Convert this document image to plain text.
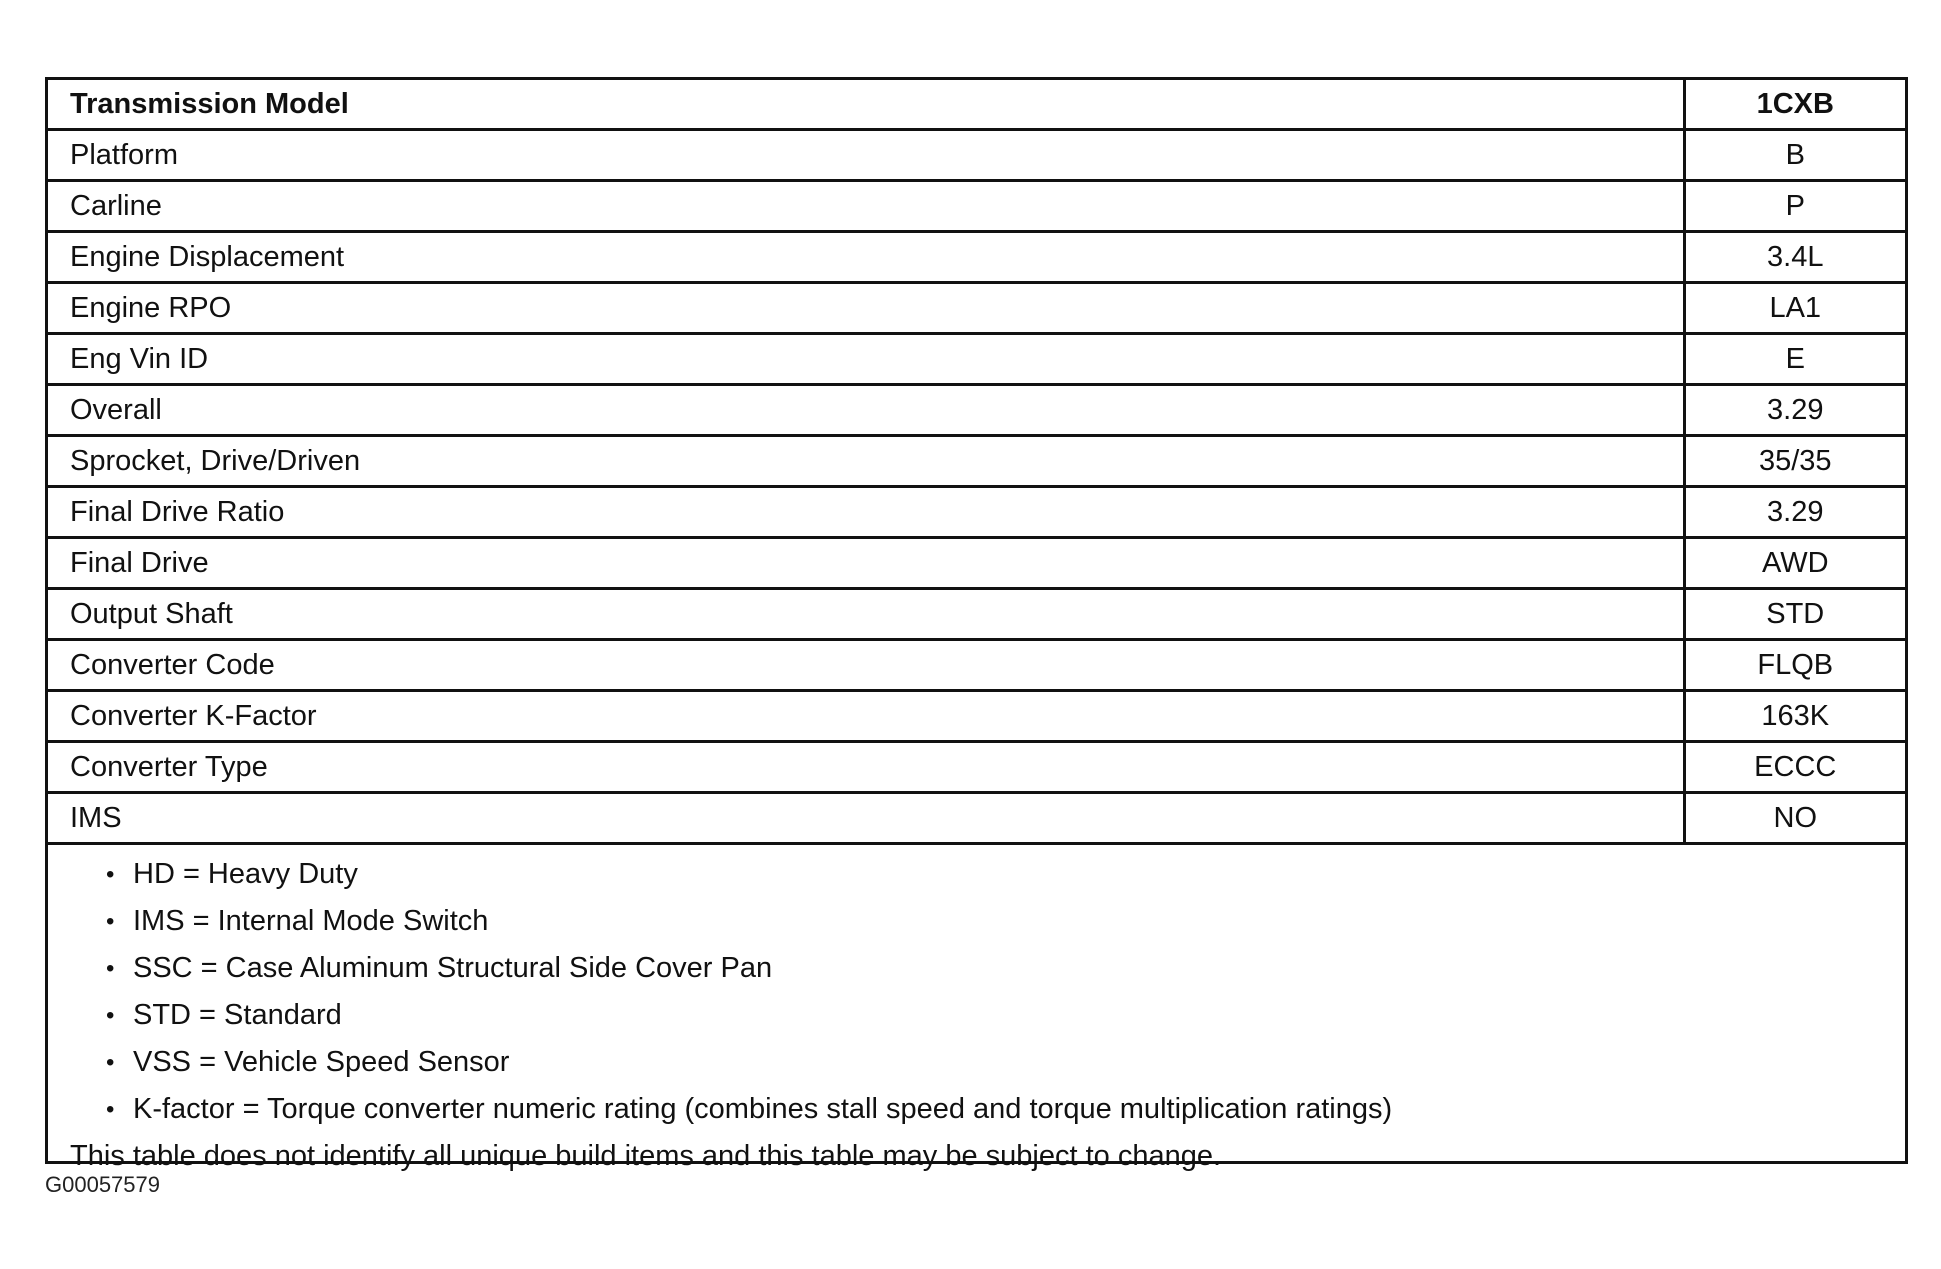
Transmission Model	1CXB
Platform	B
Carline	P
Engine Displacement	3.4L
Engine RPO	LA1
Eng Vin ID	E
Overall	3.29
Sprocket, Drive/Driven	35/35
Final Drive Ratio	3.29
Final Drive	AWD
Output Shaft	STD
Converter Code	FLQB
Converter K-Factor	163K
Converter Type	ECCC
IMS	NO
• HD = Heavy Duty
• IMS = Internal Mode Switch
• SSC = Case Aluminum Structural Side Cover Pan
• STD = Standard
• VSS = Vehicle Speed Sensor
• K-factor = Torque converter numeric rating (combines stall speed and torque multiplication ratings)
This table does not identify all unique build items and this table may be subject to change.
G00057579
